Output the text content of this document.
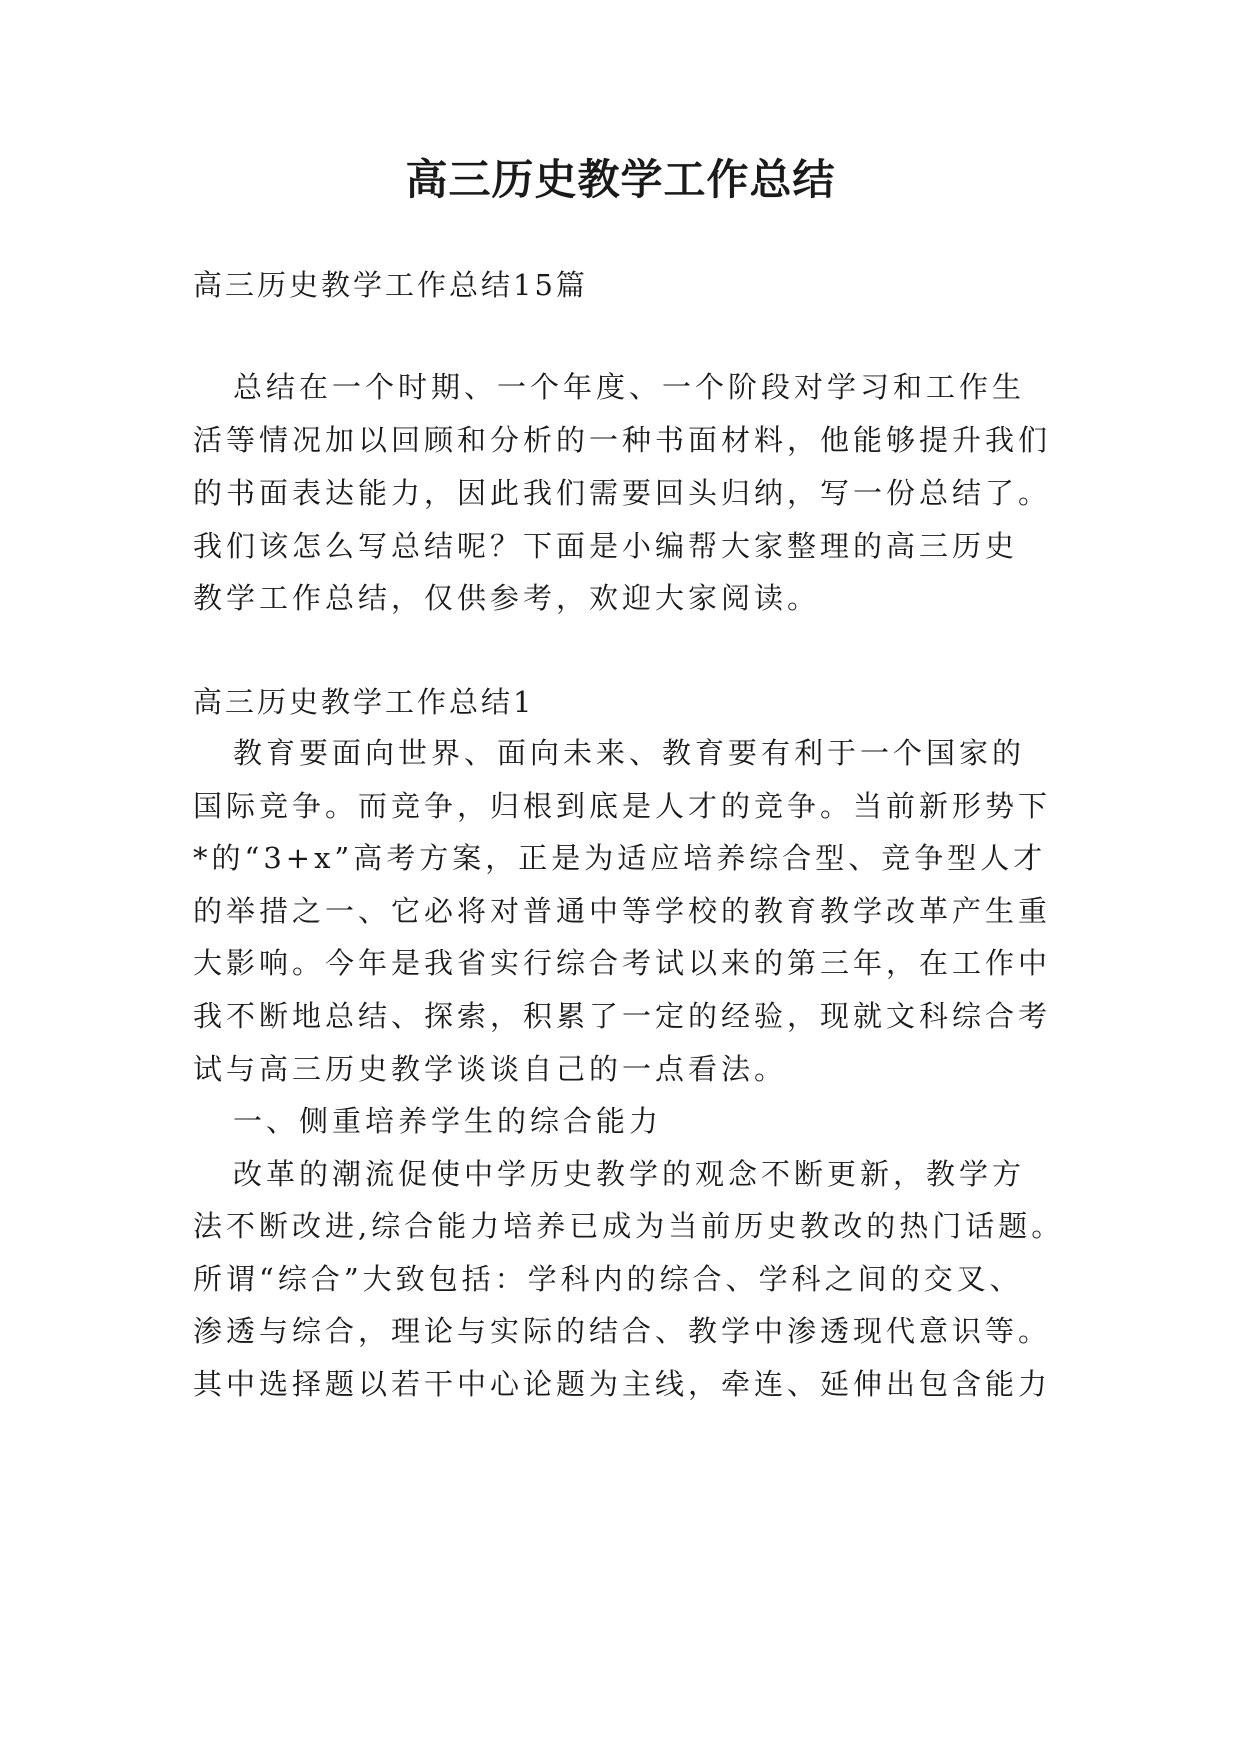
高三历史教学工作总结
高三历史教学工作总结15篇
总结在一个时期、一个年度、一个阶段对学习和工作生
活等情况加以回顾和分析的一种书面材料，他能够提升我们
的书面表达能力，因此我们需要回头归纳，写一份总结了。
我们该怎么写总结呢？下面是小编帮大家整理的高三历史
教学工作总结，仅供参考，欢迎大家阅读。
高三历史教学工作总结1
教育要面向世界、面向未来、教育要有利于一个国家的
国际竞争。而竞争，归根到底是人才的竞争。当前新形势下
*的“3+x”高考方案，正是为适应培养综合型、竞争型人才
的举措之一、它必将对普通中等学校的教育教学改革产生重
大影响。今年是我省实行综合考试以来的第三年，在工作中
我不断地总结、探索，积累了一定的经验，现就文科综合考
试与高三历史教学谈谈自己的一点看法。
一、侧重培养学生的综合能力
改革的潮流促使中学历史教学的观念不断更新，教学方
法不断改进,综合能力培养已成为当前历史教改的热门话题。
所谓“综合”大致包括：学科内的综合、学科之间的交叉、
渗透与综合，理论与实际的结合、教学中渗透现代意识等。
其中选择题以若干中心论题为主线，牵连、延伸出包含能力
